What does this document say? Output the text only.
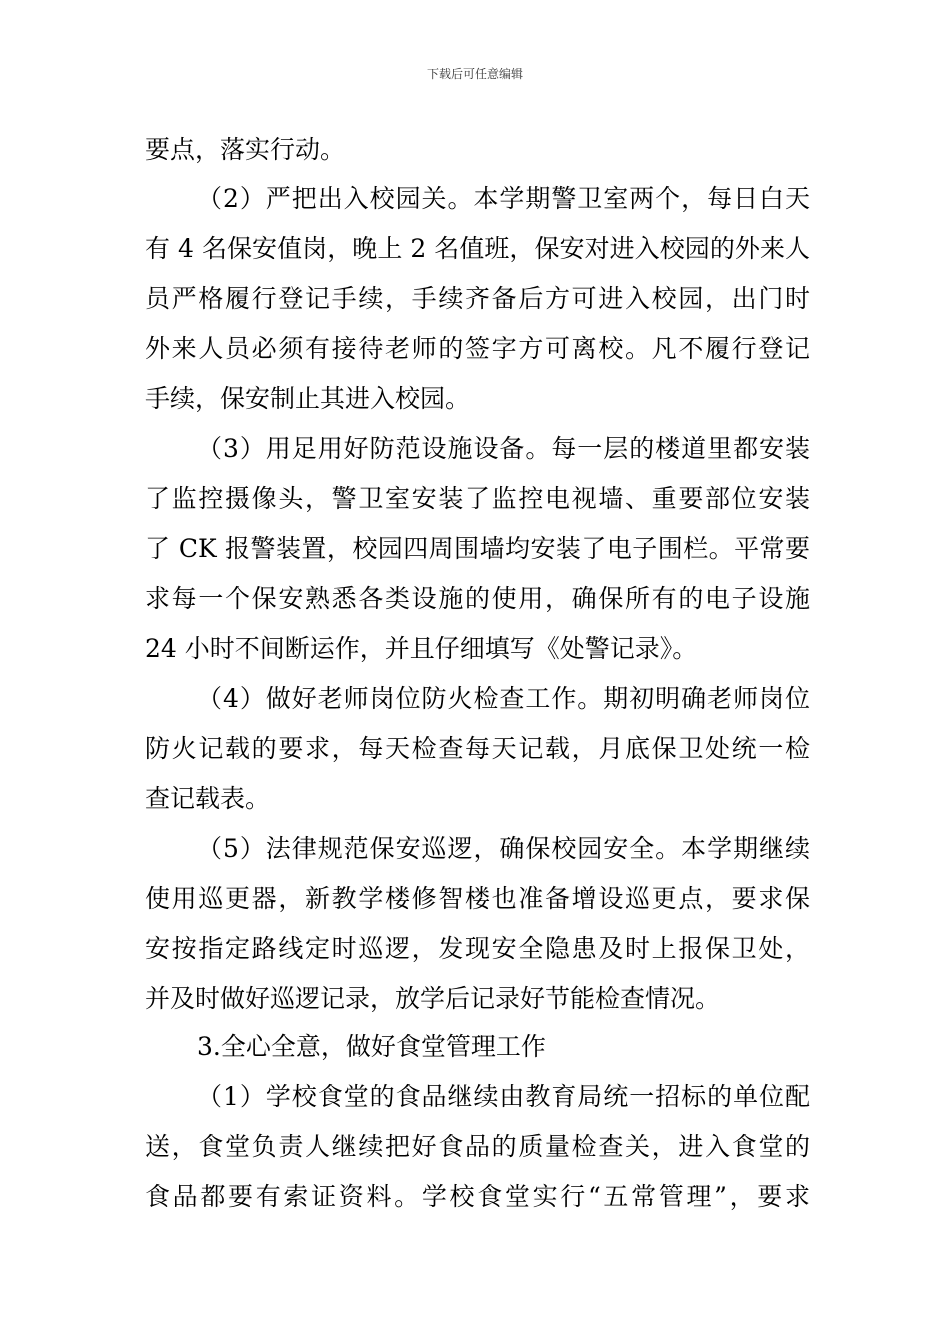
下载后可任意编辑
要点，落实行动。
（2）严把出入校园关。本学期警卫室两个，每日白天
有 4 名保安值岗，晚上 2 名值班，保安对进入校园的外来人
员严格履行登记手续，手续齐备后方可进入校园，出门时
外来人员必须有接待老师的签字方可离校。凡不履行登记
手续，保安制止其进入校园。
（3）用足用好防范设施设备。每一层的楼道里都安装
了监控摄像头，警卫室安装了监控电视墙、重要部位安装
了 CK 报警装置，校园四周围墙均安装了电子围栏。平常要
求每一个保安熟悉各类设施的使用，确保所有的电子设施
24 小时不间断运作，并且仔细填写《处警记录》。
（4）做好老师岗位防火检查工作。期初明确老师岗位
防火记载的要求，每天检查每天记载，月底保卫处统一检
查记载表。
（5）法律规范保安巡逻，确保校园安全。本学期继续
使用巡更器，新教学楼修智楼也准备增设巡更点，要求保
安按指定路线定时巡逻，发现安全隐患及时上报保卫处，
并及时做好巡逻记录，放学后记录好节能检查情况。
3.全心全意，做好食堂管理工作
（1）学校食堂的食品继续由教育局统一招标的单位配
送，食堂负责人继续把好食品的质量检查关，进入食堂的
食品都要有索证资料。学校食堂实行“五常管理”，要求
